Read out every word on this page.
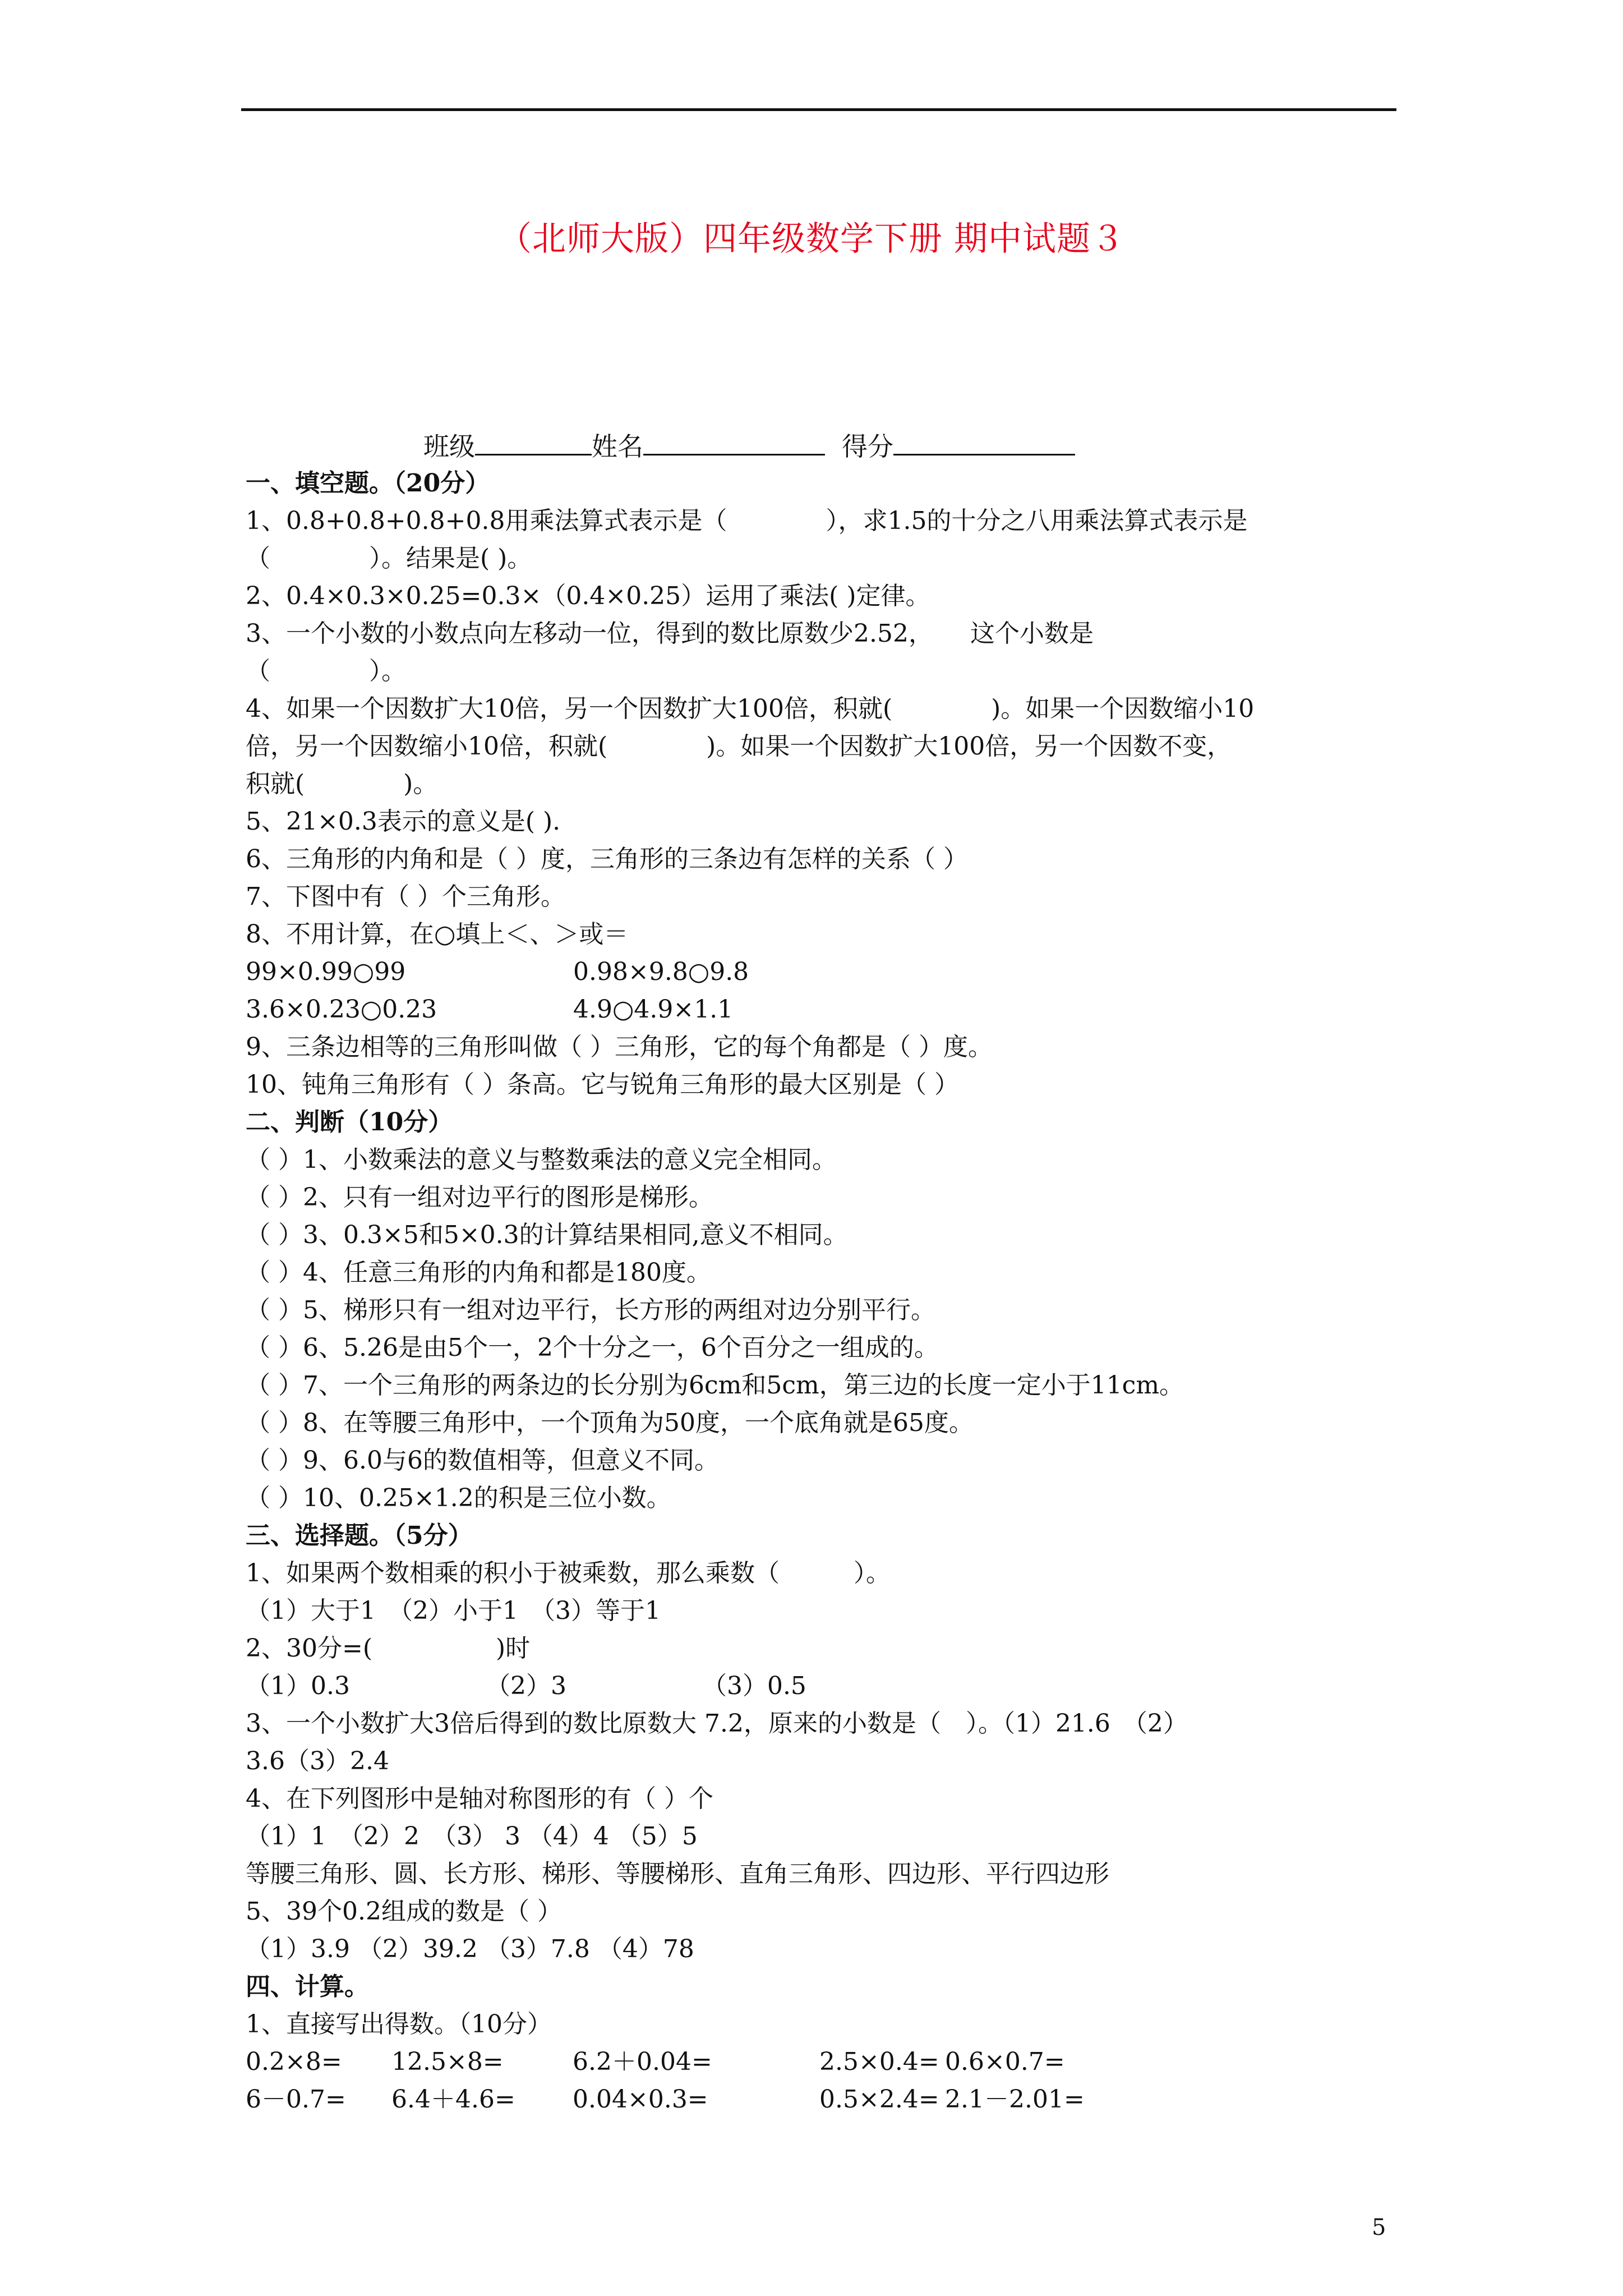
（北师大版）四年级数学下册 期中试题３
班级	姓名	得分
一、填空题。（20分）
1、0.8+0.8+0.8+0.8用乘法算式表示是（　　　　），求1.5的十分之八用乘法算式表示是
（　　　　）。结果是( )。
2、0.4×0.3×0.25=0.3×（0.4×0.25）运用了乘法( )定律。
3、一个小数的小数点向左移动一位，得到的数比原数少2.52，　　这个小数是
（　　　　）。
4、如果一个因数扩大10倍，另一个因数扩大100倍，积就(　　　　)。如果一个因数缩小10
倍，另一个因数缩小10倍，积就(　　　　)。如果一个因数扩大100倍，另一个因数不变，
积就(　　　　)。
5、21×0.3表示的意义是( ).
6、三角形的内角和是（ ）度，三角形的三条边有怎样的关系（ ）
7、下图中有（ ）个三角形。
8、不用计算，在○填上＜、＞或＝
99×0.99○99	0.98×9.8○9.8
3.6×0.23○0.23	4.9○4.9×1.1
9、三条边相等的三角形叫做（ ）三角形，它的每个角都是（ ）度。
10、钝角三角形有（ ）条高。它与锐角三角形的最大区别是（ ）
二、判断（10分）
（ ）1、小数乘法的意义与整数乘法的意义完全相同。
（ ）2、只有一组对边平行的图形是梯形。
（ ）3、0.3×5和5×0.3的计算结果相同,意义不相同。
（ ）4、任意三角形的内角和都是180度。
（ ）5、梯形只有一组对边平行，长方形的两组对边分别平行。
（ ）6、5.26是由5个一，2个十分之一，6个百分之一组成的。
（ ）7、一个三角形的两条边的长分别为6cm和5cm，第三边的长度一定小于11cm。
（ ）8、在等腰三角形中，一个顶角为50度，一个底角就是65度。
（ ）9、6.0与6的数值相等，但意义不同。
（ ）10、0.25×1.2的积是三位小数。
三、选择题。（5分）
1、如果两个数相乘的积小于被乘数，那么乘数（　　　）。
（1）大于1　（2）小于1　（3）等于1
2、30分=(　　　　　)时
（1）0.3　　　　　　（2）3　　　　　　（3）0.5
3、一个小数扩大3倍后得到的数比原数大 7.2，原来的小数是（　）。（1）21.6　（2）
3.6（3）2.4
4、在下列图形中是轴对称图形的有（ ）个
（1）1　（2）2　（3） 3 （4）4 （5）5
等腰三角形、圆、长方形、梯形、等腰梯形、直角三角形、四边形、平行四边形
5、39个0.2组成的数是（ ）
（1）3.9 （2）39.2 （3）7.8 （4）78
四、计算。
1、直接写出得数。（10分）
0.2×8= 12.5×8=	6.2＋0.04=	2.5×0.4= 0.6×0.7=
6－0.7= 6.4＋4.6= 0.04×0.3=	0.5×2.4= 2.1－2.01=
5
